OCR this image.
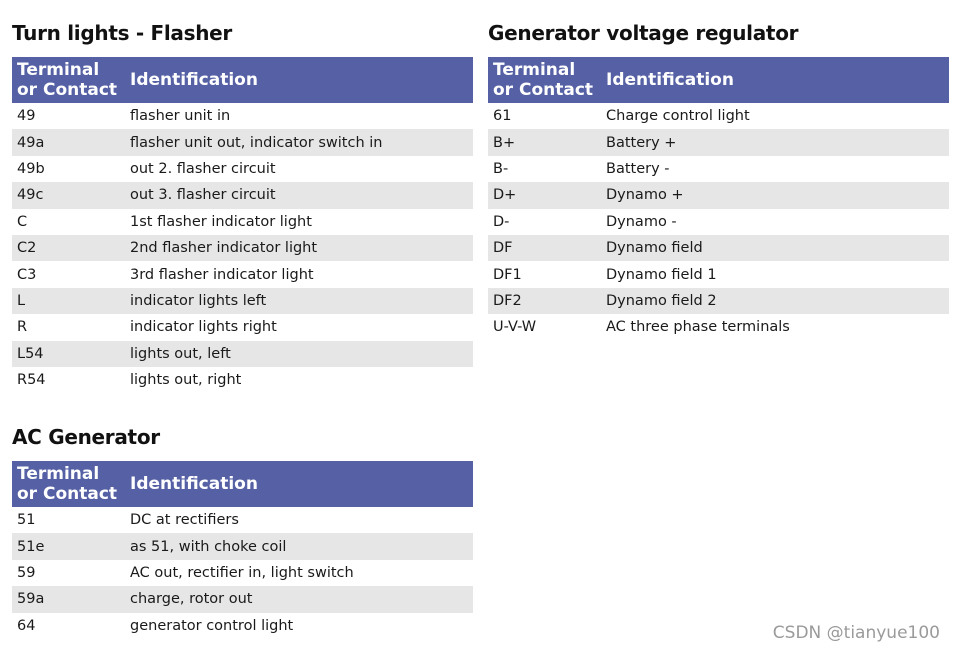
Turn lights - Flasher
Terminal or Contact	Identification
49	flasher unit in
49a	flasher unit out, indicator switch in
49b	out 2. flasher circuit
49c	out 3. flasher circuit
C	1st flasher indicator light
C2	2nd flasher indicator light
C3	3rd flasher indicator light
L	indicator lights left
R	indicator lights right
L54	lights out, left
R54	lights out, right
Generator voltage regulator
Terminal or Contact	Identification
61	Charge control light
B+	Battery +
B-	Battery -
D+	Dynamo +
D-	Dynamo -
DF	Dynamo field
DF1	Dynamo field 1
DF2	Dynamo field 2
U-V-W	AC three phase terminals
AC Generator
Terminal or Contact	Identification
51	DC at rectifiers
51e	as 51, with choke coil
59	AC out, rectifier in, light switch
59a	charge, rotor out
64	generator control light	CSDN @tianyue100
